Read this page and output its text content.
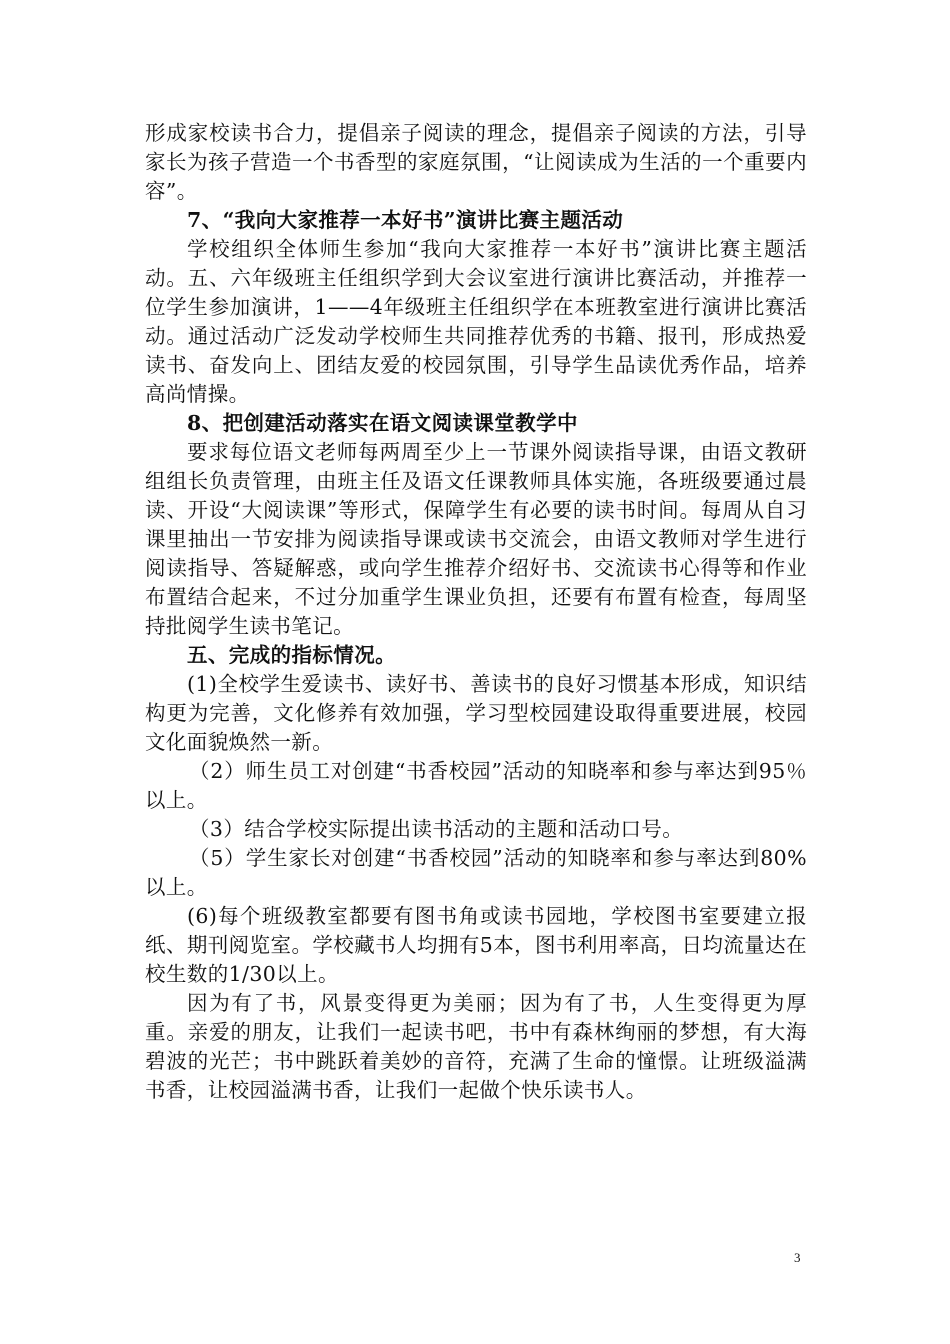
形成家校读书合力，提倡亲子阅读的理念，提倡亲子阅读的方法，引导家长为孩子营造一个书香型的家庭氛围，“让阅读成为生活的一个重要内容”。

7、“我向大家推荐一本好书”演讲比赛主题活动

学校组织全体师生参加“我向大家推荐一本好书”演讲比赛主题活动。五、六年级班主任组织学到大会议室进行演讲比赛活动，并推荐一位学生参加演讲，1——4年级班主任组织学在本班教室进行演讲比赛活动。通过活动广泛发动学校师生共同推荐优秀的书籍、报刊，形成热爱读书、奋发向上、团结友爱的校园氛围，引导学生品读优秀作品，培养高尚情操。

8、把创建活动落实在语文阅读课堂教学中

要求每位语文老师每两周至少上一节课外阅读指导课，由语文教研组组长负责管理，由班主任及语文任课教师具体实施，各班级要通过晨读、开设“大阅读课”等形式，保障学生有必要的读书时间。每周从自习课里抽出一节安排为阅读指导课或读书交流会，由语文教师对学生进行阅读指导、答疑解惑，或向学生推荐介绍好书、交流读书心得等和作业布置结合起来，不过分加重学生课业负担，还要有布置有检查，每周坚持批阅学生读书笔记。

五、完成的指标情况。

(1)全校学生爱读书、读好书、善读书的良好习惯基本形成，知识结构更为完善，文化修养有效加强，学习型校园建设取得重要进展，校园文化面貌焕然一新。

（2）师生员工对创建“书香校园”活动的知晓率和参与率达到95％以上。

（3）结合学校实际提出读书活动的主题和活动口号。

（5）学生家长对创建“书香校园”活动的知晓率和参与率达到80%以上。

(6)每个班级教室都要有图书角或读书园地，学校图书室要建立报纸、期刊阅览室。学校藏书人均拥有5本，图书利用率高，日均流量达在校生数的1/30以上。

因为有了书，风景变得更为美丽；因为有了书，人生变得更为厚重。亲爱的朋友，让我们一起读书吧，书中有森林绚丽的梦想，有大海碧波的光芒；书中跳跃着美妙的音符，充满了生命的憧憬。让班级溢满书香，让校园溢满书香，让我们一起做个快乐读书人。

3
